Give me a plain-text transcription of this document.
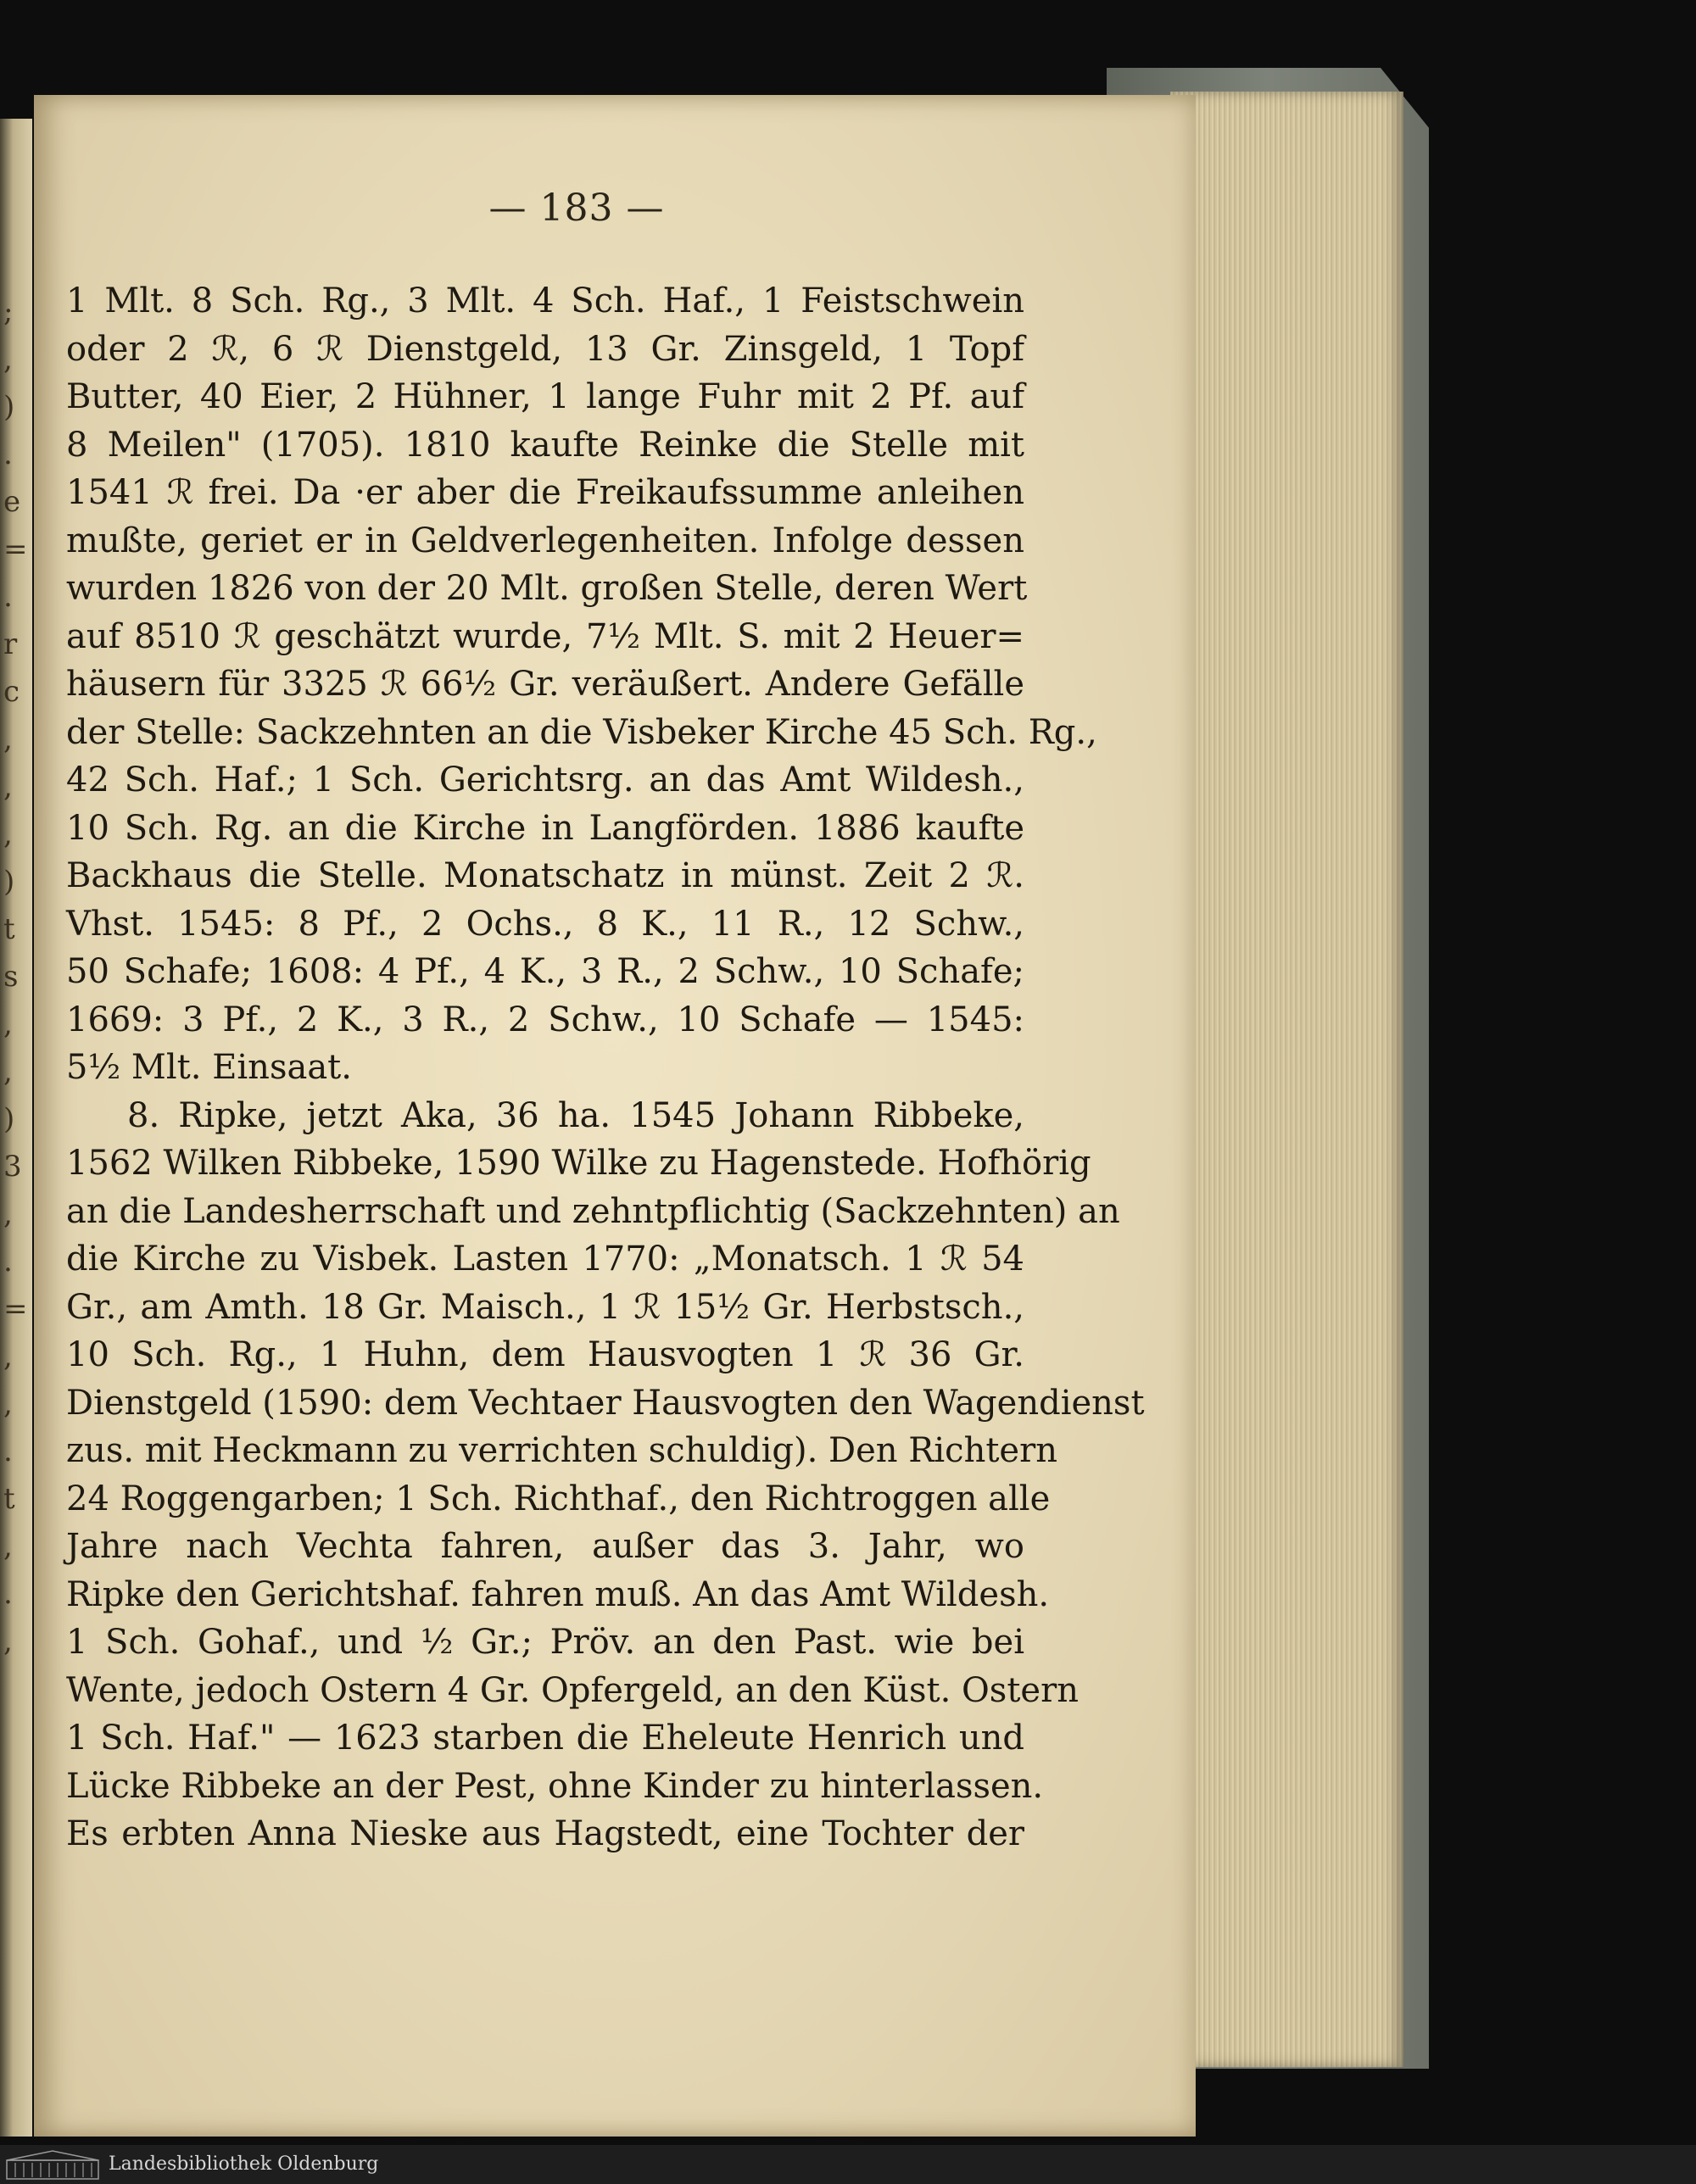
;
,
)
.
e
=
.
r
c
,
,
,
)
t
s
,
,
)
3
,
.
=
,
,
.
t
,
.
,
— 183 —
1 Mlt. 8 Sch. Rg., 3 Mlt. 4 Sch. Haf., 1 Feistschwein
oder 2 ℛ, 6 ℛ Dienstgeld, 13 Gr. Zinsgeld, 1 Topf
Butter, 40 Eier, 2 Hühner, 1 lange Fuhr mit 2 Pf. auf
8 Meilen" (1705). 1810 kaufte Reinke die Stelle mit
1541 ℛ frei. Da ·er aber die Freikaufssumme anleihen
mußte, geriet er in Geldverlegenheiten. Infolge dessen
wurden 1826 von der 20 Mlt. großen Stelle, deren Wert
auf 8510 ℛ geschätzt wurde, 7½ Mlt. S. mit 2 Heuer=
häusern für 3325 ℛ 66½ Gr. veräußert. Andere Gefälle
der Stelle: Sackzehnten an die Visbeker Kirche 45 Sch. Rg.,
42 Sch. Haf.; 1 Sch. Gerichtsrg. an das Amt Wildesh.,
10 Sch. Rg. an die Kirche in Langförden. 1886 kaufte
Backhaus die Stelle. Monatschatz in münst. Zeit 2 ℛ.
Vhst. 1545: 8 Pf., 2 Ochs., 8 K., 11 R., 12 Schw.,
50 Schafe; 1608: 4 Pf., 4 K., 3 R., 2 Schw., 10 Schafe;
1669: 3 Pf., 2 K., 3 R., 2 Schw., 10 Schafe — 1545:
5½ Mlt. Einsaat.
8. Ripke, jetzt Aka, 36 ha. 1545 Johann Ribbeke,
1562 Wilken Ribbeke, 1590 Wilke zu Hagenstede. Hofhörig
an die Landesherrschaft und zehntpflichtig (Sackzehnten) an
die Kirche zu Visbek. Lasten 1770: „Monatsch. 1 ℛ 54
Gr., am Amth. 18 Gr. Maisch., 1 ℛ 15½ Gr. Herbstsch.,
10 Sch. Rg., 1 Huhn, dem Hausvogten 1 ℛ 36 Gr.
Dienstgeld (1590: dem Vechtaer Hausvogten den Wagendienst
zus. mit Heckmann zu verrichten schuldig). Den Richtern
24 Roggengarben; 1 Sch. Richthaf., den Richtroggen alle
Jahre nach Vechta fahren, außer das 3. Jahr, wo
Ripke den Gerichtshaf. fahren muß. An das Amt Wildesh.
1 Sch. Gohaf., und ½ Gr.; Pröv. an den Past. wie bei
Wente, jedoch Ostern 4 Gr. Opfergeld, an den Küst. Ostern
1 Sch. Haf." — 1623 starben die Eheleute Henrich und
Lücke Ribbeke an der Pest, ohne Kinder zu hinterlassen.
Es erbten Anna Nieske aus Hagstedt, eine Tochter der
Landesbibliothek Oldenburg
